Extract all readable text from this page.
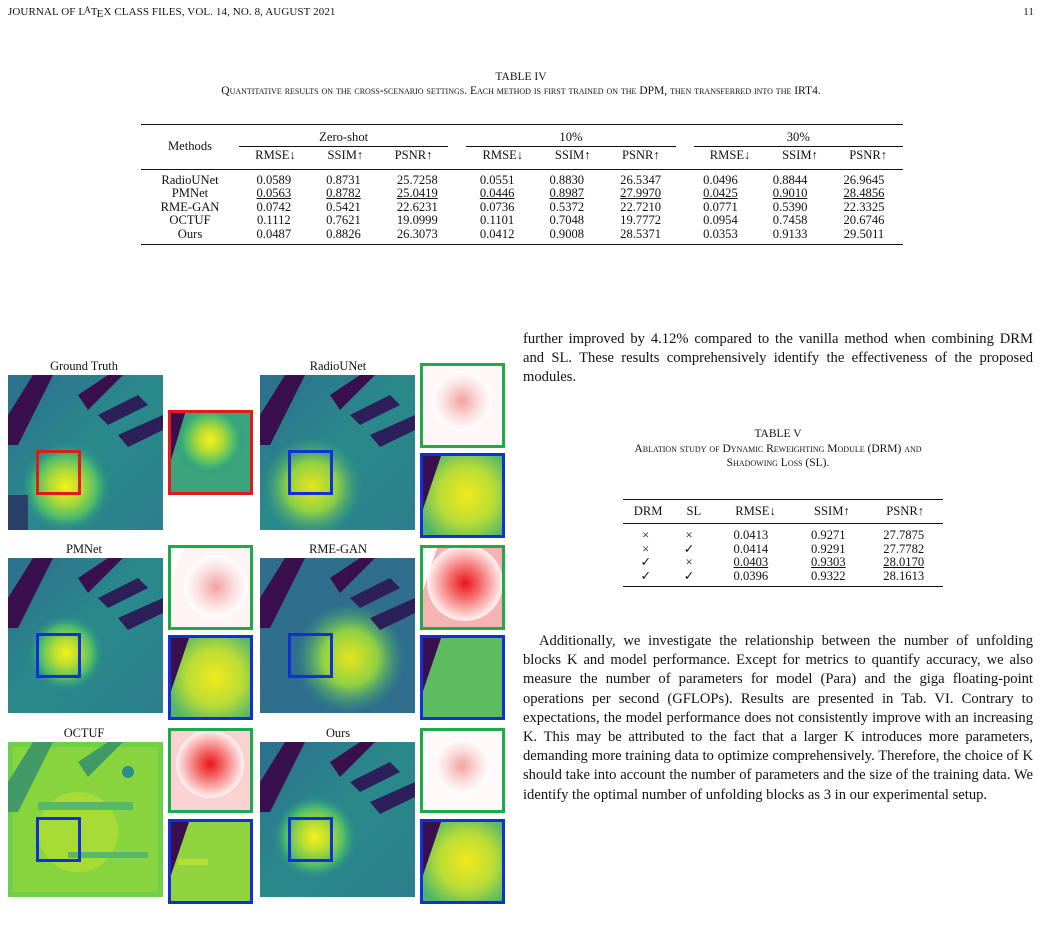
JOURNAL OF LATEX CLASS FILES, VOL. 14, NO. 8, AUGUST 2021	11
TABLE IV
Quantitative results on the cross-scenario settings. Each method is first trained on the DPM, then transferred into the IRT4.
Methods	Zero-shot				10%				30%		
	RMSE↓	SSIM↑	PSNR↑		RMSE↓	SSIM↑	PSNR↑		RMSE↓	SSIM↑	PSNR↑
RadioUNet	0.0589	0.8731	25.7258		0.0551	0.8830	26.5347		0.0496	0.8844	26.9645
PMNet	0.0563	0.8782	25.0419		0.0446	0.8987	27.9970		0.0425	0.9010	28.4856
RME-GAN	0.0742	0.5421	22.6231		0.0736	0.5372	22.7210		0.0771	0.5390	22.3325
OCTUF	0.1112	0.7621	19.0999		0.1101	0.7048	19.7772		0.0954	0.7458	20.6746
Ours	0.0487	0.8826	26.3073		0.0412	0.9008	28.5371		0.0353	0.9133	29.5011
Ground Truth	RadioUNet
PMNet	RME-GAN
OCTUF	Ours
further improved by 4.12% compared to the vanilla method when combining DRM and SL. These results comprehensively identify the effectiveness of the proposed modules.
TABLE V
Ablation study of Dynamic Reweighting Module (DRM) and
Shadowing Loss (SL).
DRM	SL	RMSE↓	SSIM↑	PSNR↑
×	×	0.0413	0.9271	27.7875
×	✓	0.0414	0.9291	27.7782
✓	×	0.0403	0.9303	28.0170
✓	✓	0.0396	0.9322	28.1613
Additionally, we investigate the relationship between the number of unfolding blocks K and model performance. Except for metrics to quantify accuracy, we also measure the number of parameters for model (Para) and the giga floating-point operations per second (GFLOPs). Results are presented in Tab. VI. Contrary to expectations, the model performance does not consistently improve with an increasing K. This may be attributed to the fact that a larger K introduces more parameters, demanding more training data to optimize comprehensively. Therefore, the choice of K should take into account the number of parameters and the size of the training data. We identify the optimal number of unfolding blocks as 3 in our experimental setup.
